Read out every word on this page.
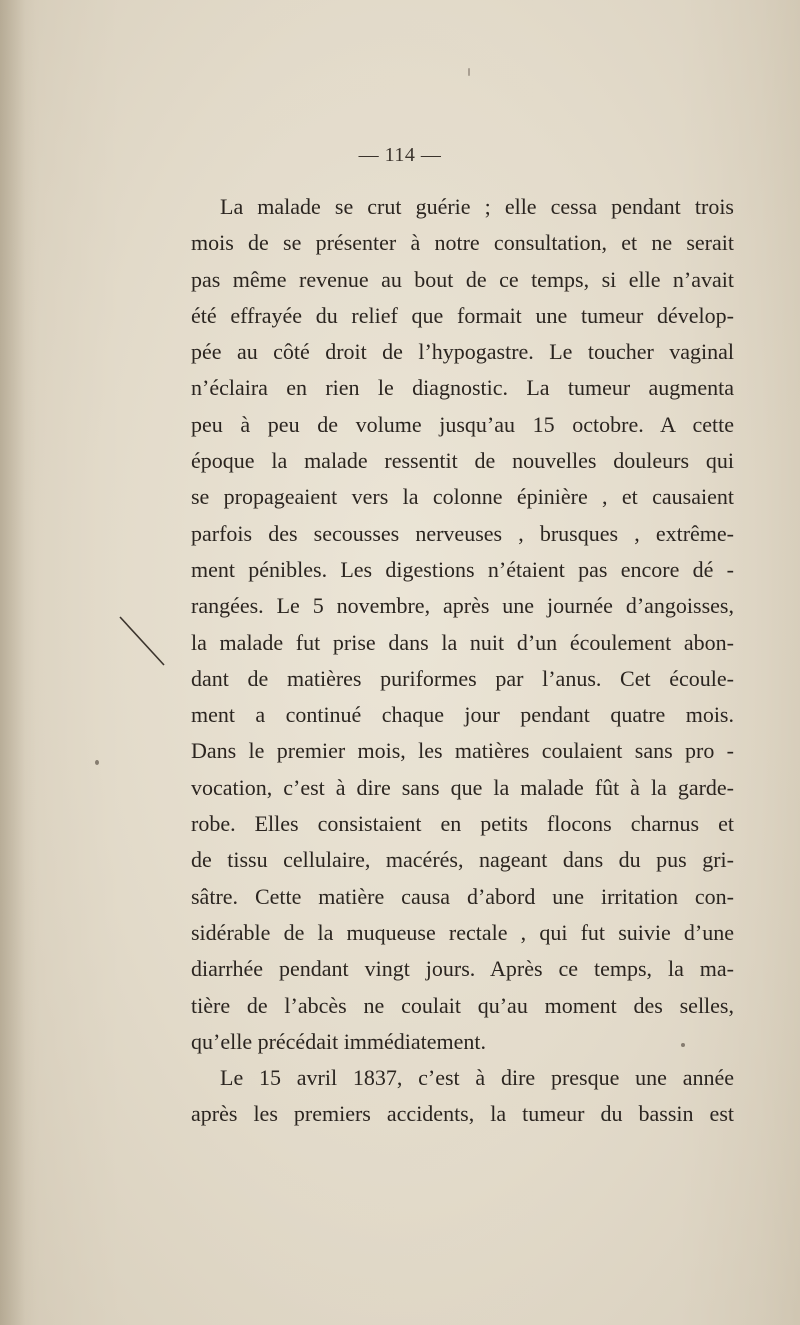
— 114 —
La malade se crut guérie ; elle cessa pendant trois
mois de se présenter à notre consultation, et ne serait
pas même revenue au bout de ce temps, si elle n’avait
été effrayée du relief que formait une tumeur dévelop-
pée au côté droit de l’hypogastre. Le toucher vaginal
n’éclaira en rien le diagnostic. La tumeur augmenta
peu à peu de volume jusqu’au 15 octobre. A cette
époque la malade ressentit de nouvelles douleurs qui
se propageaient vers la colonne épinière , et causaient
parfois des secousses nerveuses , brusques , extrême-
ment pénibles. Les digestions n’étaient pas encore dé -
rangées. Le 5 novembre, après une journée d’angoisses,
la malade fut prise dans la nuit d’un écoulement abon-
dant de matières puriformes par l’anus. Cet écoule-
ment a continué chaque jour pendant quatre mois.
Dans le premier mois, les matières coulaient sans pro -
vocation, c’est à dire sans que la malade fût à la garde-
robe. Elles consistaient en petits flocons charnus et
de tissu cellulaire, macérés, nageant dans du pus gri-
sâtre. Cette matière causa d’abord une irritation con-
sidérable de la muqueuse rectale , qui fut suivie d’une
diarrhée pendant vingt jours. Après ce temps, la ma-
tière de l’abcès ne coulait qu’au moment des selles,
qu’elle précédait immédiatement.
Le 15 avril 1837, c’est à dire presque une année
après les premiers accidents, la tumeur du bassin est
